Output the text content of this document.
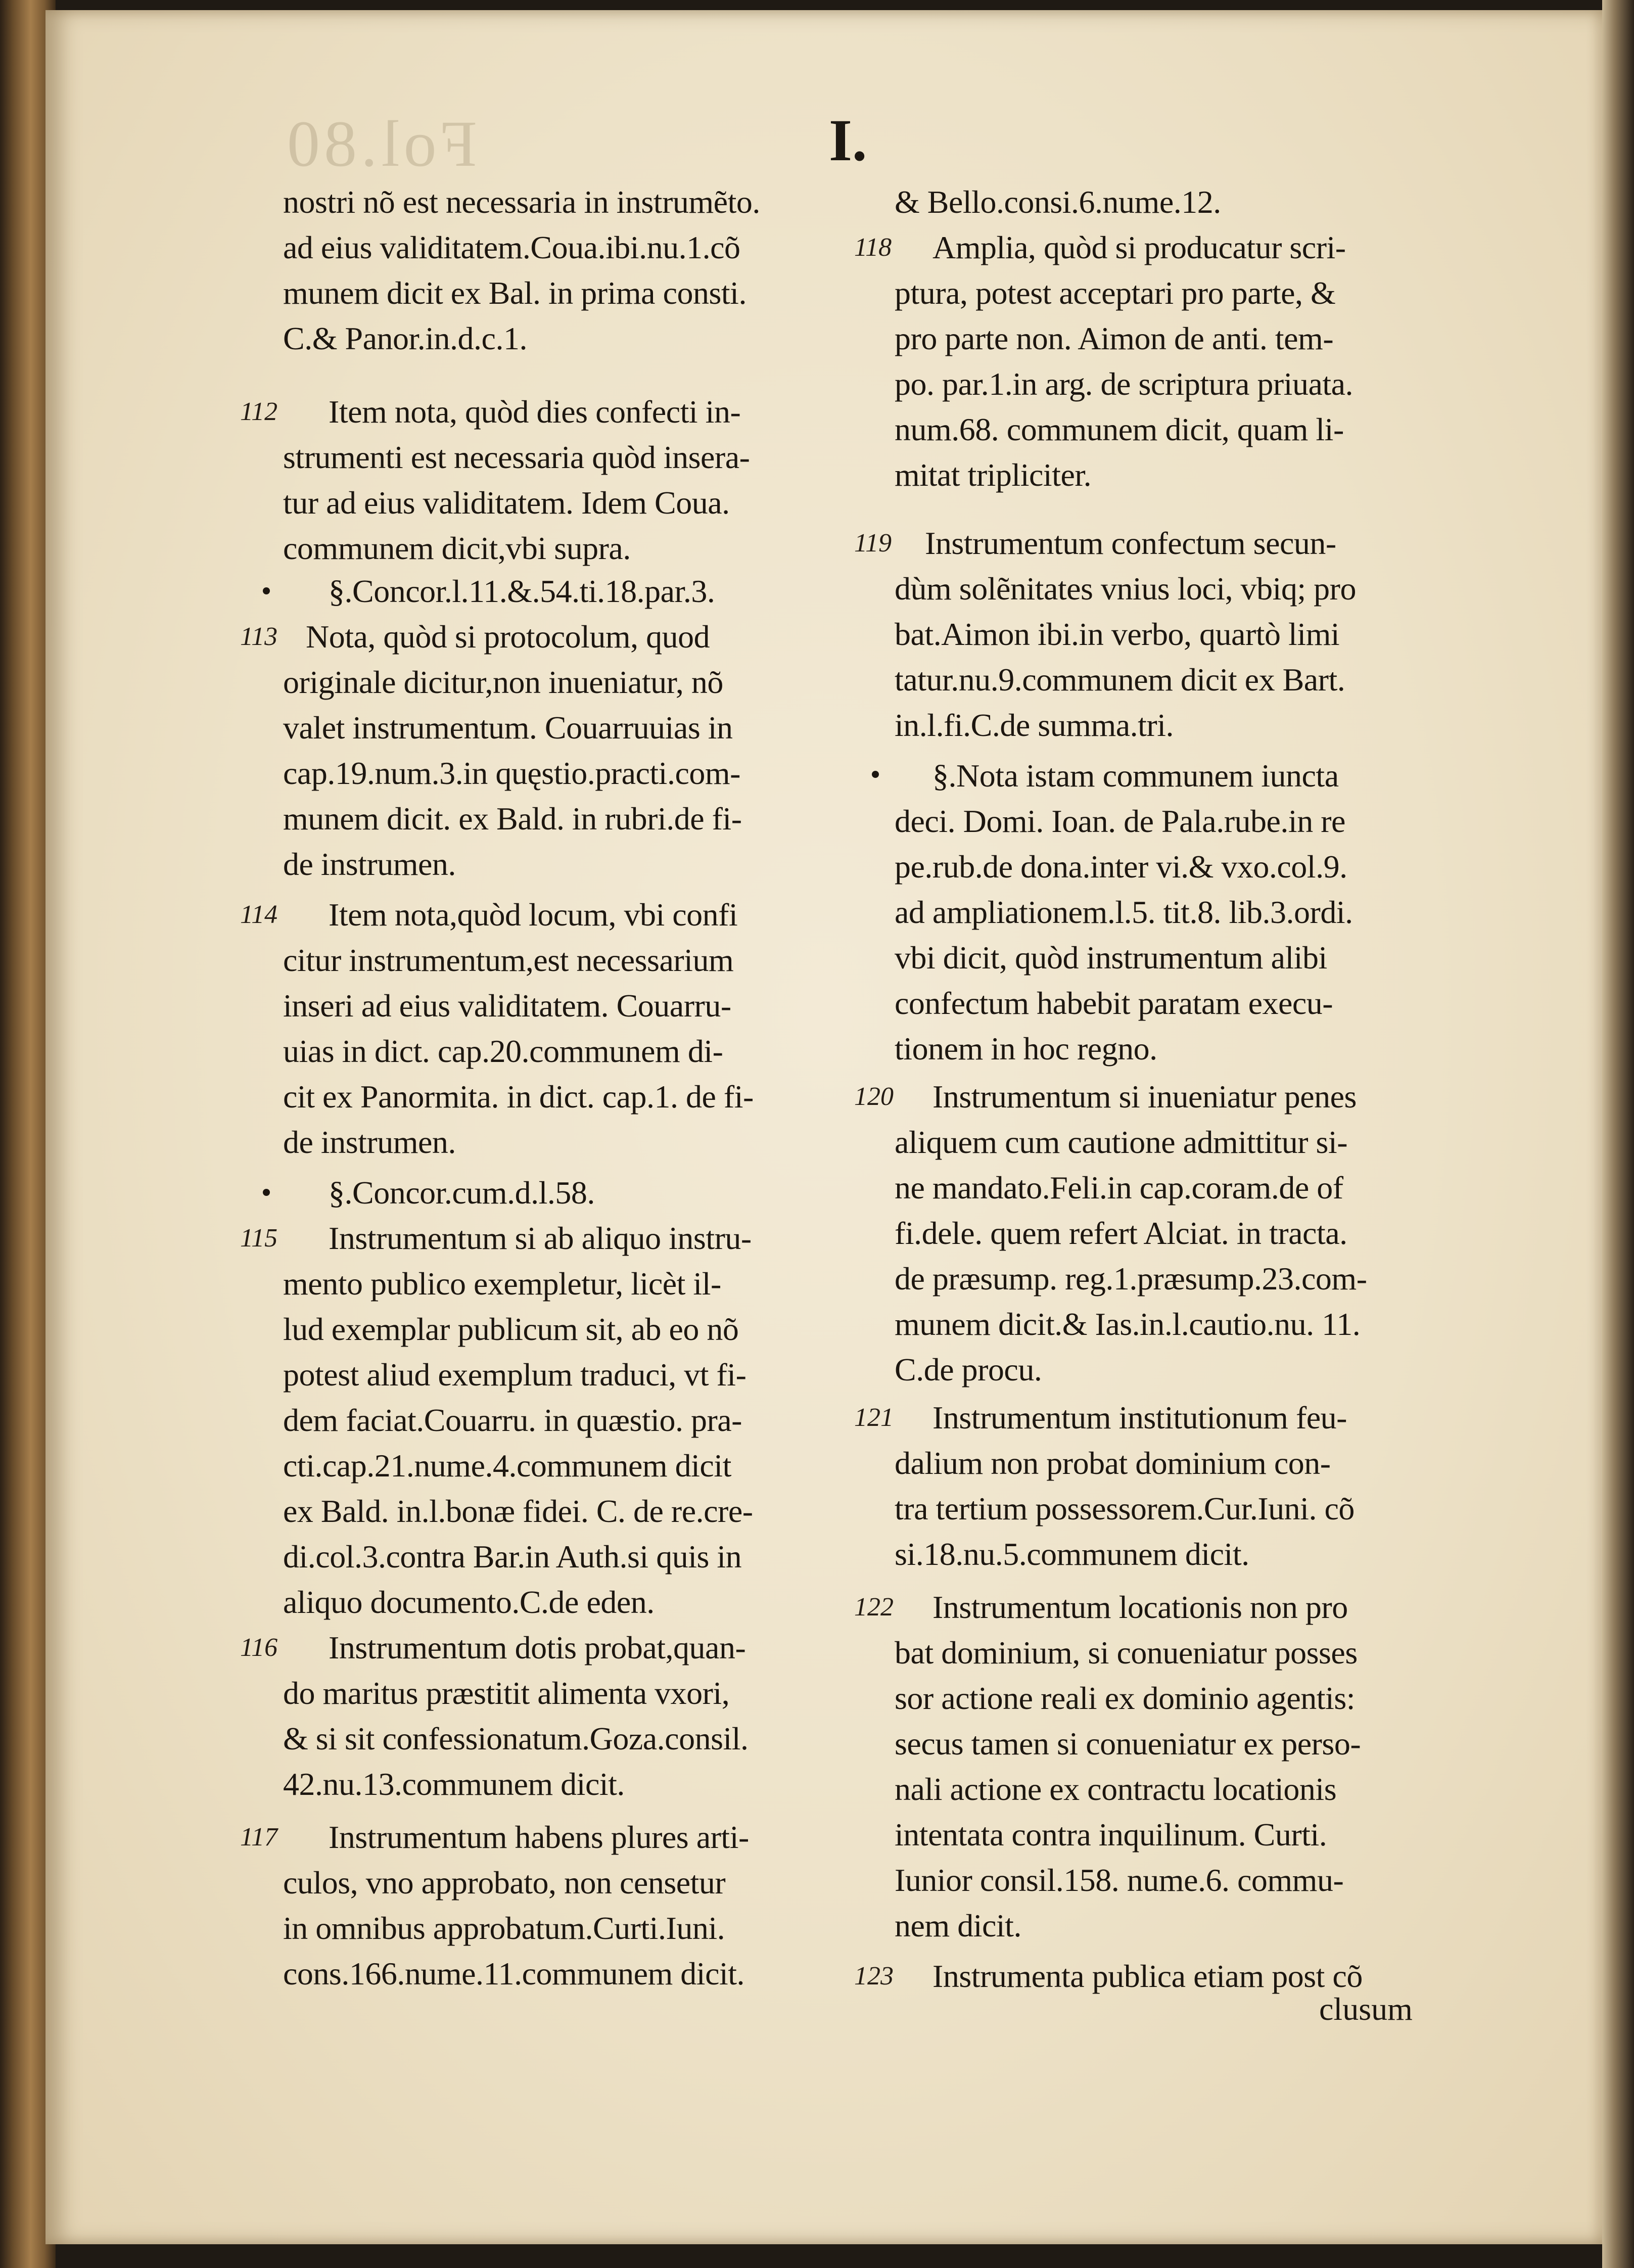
Fol.80	I.
nostri nõ est necessaria in instrumẽto.
ad eius validitatem.Coua.ibi.nu.1.cõ
munem dicit ex Bal. in prima consti.
C.& Panor.in.d.c.1.
112 Item nota, quòd dies confecti in-
strumenti est necessaria quòd insera-
tur ad eius validitatem. Idem Coua.
communem dicit,vbi supra.
§.Concor.l.11.&.54.ti.18.par.3.
113 Nota, quòd si protocolum, quod
originale dicitur,non inueniatur, nõ
valet instrumentum. Couarruuias in
cap.19.num.3.in quęstio.practi.com-
munem dicit. ex Bald. in rubri.de fi-
de instrumen.
114 Item nota,quòd locum, vbi confi
citur instrumentum,est necessarium
inseri ad eius validitatem. Couarru-
uias in dict. cap.20.communem di-
cit ex Panormita. in dict. cap.1. de fi-
de instrumen.
§.Concor.cum.d.l.58.
115 Instrumentum si ab aliquo instru-
mento publico exempletur, licèt il-
lud exemplar publicum sit, ab eo nõ
potest aliud exemplum traduci, vt fi-
dem faciat.Couarru. in quæstio. pra-
cti.cap.21.nume.4.communem dicit
ex Bald. in.l.bonæ fidei. C. de re.cre-
di.col.3.contra Bar.in Auth.si quis in
aliquo documento.C.de eden.
116 Instrumentum dotis probat,quan-
do maritus præstitit alimenta vxori,
& si sit confessionatum.Goza.consil.
42.nu.13.communem dicit.
117 Instrumentum habens plures arti-
culos, vno approbato, non censetur
in omnibus approbatum.Curti.Iuni.
cons.166.nume.11.communem dicit.
& Bello.consi.6.nume.12.
118 Amplia, quòd si producatur scri-
ptura, potest acceptari pro parte, &
pro parte non. Aimon de anti. tem-
po. par.1.in arg. de scriptura priuata.
num.68. communem dicit, quam li-
mitat tripliciter.
119 Instrumentum confectum secun-
dùm solẽnitates vnius loci, vbiq; pro
bat.Aimon ibi.in verbo, quartò limi
tatur.nu.9.communem dicit ex Bart.
in.l.fi.C.de summa.tri.
§.Nota istam communem iuncta
deci. Domi. Ioan. de Pala.rube.in re
pe.rub.de dona.inter vi.& vxo.col.9.
ad ampliationem.l.5. tit.8. lib.3.ordi.
vbi dicit, quòd instrumentum alibi
confectum habebit paratam execu-
tionem in hoc regno.
120 Instrumentum si inueniatur penes
aliquem cum cautione admittitur si-
ne mandato.Feli.in cap.coram.de of
fi.dele. quem refert Alciat. in tracta.
de præsump. reg.1.præsump.23.com-
munem dicit.& Ias.in.l.cautio.nu. 11.
C.de procu.
121 Instrumentum institutionum feu-
dalium non probat dominium con-
tra tertium possessorem.Cur.Iuni. cõ
si.18.nu.5.communem dicit.
122 Instrumentum locationis non pro
bat dominium, si conueniatur posses
sor actione reali ex dominio agentis:
secus tamen si conueniatur ex perso-
nali actione ex contractu locationis
intentata contra inquilinum. Curti.
Iunior consil.158. nume.6. commu-
nem dicit.
123 Instrumenta publica etiam post cõ
clusum
